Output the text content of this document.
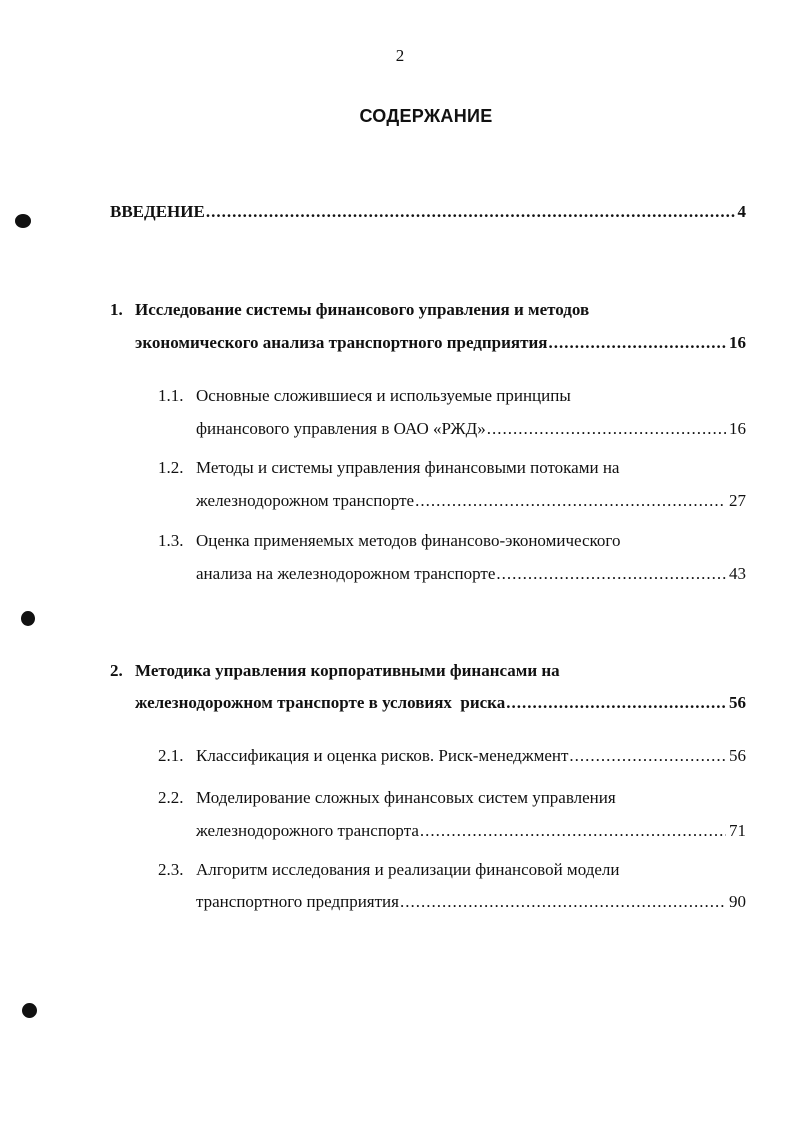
2
СОДЕРЖАНИЕ
ВВЕДЕНИЕ .....	4
1. Исследование системы финансового управления и методов
экономического анализа транспортного предприятия .....	16
1.1. Основные сложившиеся и используемые принципы
финансового управления в ОАО «РЖД» .....	16
1.2. Методы и системы управления финансовыми потоками на
железнодорожном транспорте .....	27
1.3. Оценка применяемых методов финансово-экономического
анализа на железнодорожном транспорте .....	43
2. Методика управления корпоративными финансами на
железнодорожном транспорте в условиях  риска .....	56
2.1. Классификация и оценка рисков. Риск-менеджмент .....	56
2.2. Моделирование сложных финансовых систем управления
железнодорожного транспорта .....	71
2.3. Алгоритм исследования и реализации финансовой модели
транспортного предприятия .....	90
